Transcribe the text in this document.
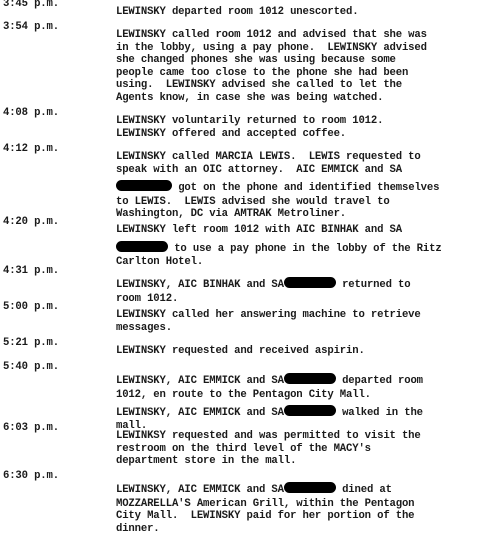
3:45 p.m.

LEWINSKY departed room 1012 unescorted.

3:54 p.m.

LEWINSKY called room 1012 and advised that she was

in the lobby, using a pay phone.  LEWINSKY advised

she changed phones she was using because some

people came too close to the phone she had been

using.  LEWINSKY advised she called to let the

Agents know, in case she was being watched.

4:08 p.m.

LEWINSKY voluntarily returned to room 1012.

LEWINSKY offered and accepted coffee.

4:12 p.m.

LEWINSKY called MARCIA LEWIS.  LEWIS requested to

speak with an OIC attorney.  AIC EMMICK and SA

got on the phone and identified themselves

to LEWIS.  LEWIS advised she would travel to

Washington, DC via AMTRAK Metroliner.

4:20 p.m.

LEWINSKY left room 1012 with AIC BINHAK and SA

to use a pay phone in the lobby of the Ritz

Carlton Hotel.

4:31 p.m.

LEWINSKY, AIC BINHAK and SA	returned to

room 1012.

5:00 p.m.

LEWINSKY called her answering machine to retrieve

messages.

5:21 p.m.

LEWINSKY requested and received aspirin.

5:40 p.m.

LEWINSKY, AIC EMMICK and SA	departed room

1012, en route to the Pentagon City Mall.

LEWINSKY, AIC EMMICK and SA	walked in the

mall.

6:03 p.m.

LEWINKSY requested and was permitted to visit the

restroom on the third level of the MACY's

department store in the mall.

6:30 p.m.

LEWINSKY, AIC EMMICK and SA	dined at

MOZZARELLA'S American Grill, within the Pentagon

City Mall.  LEWINSKY paid for her portion of the

dinner.
